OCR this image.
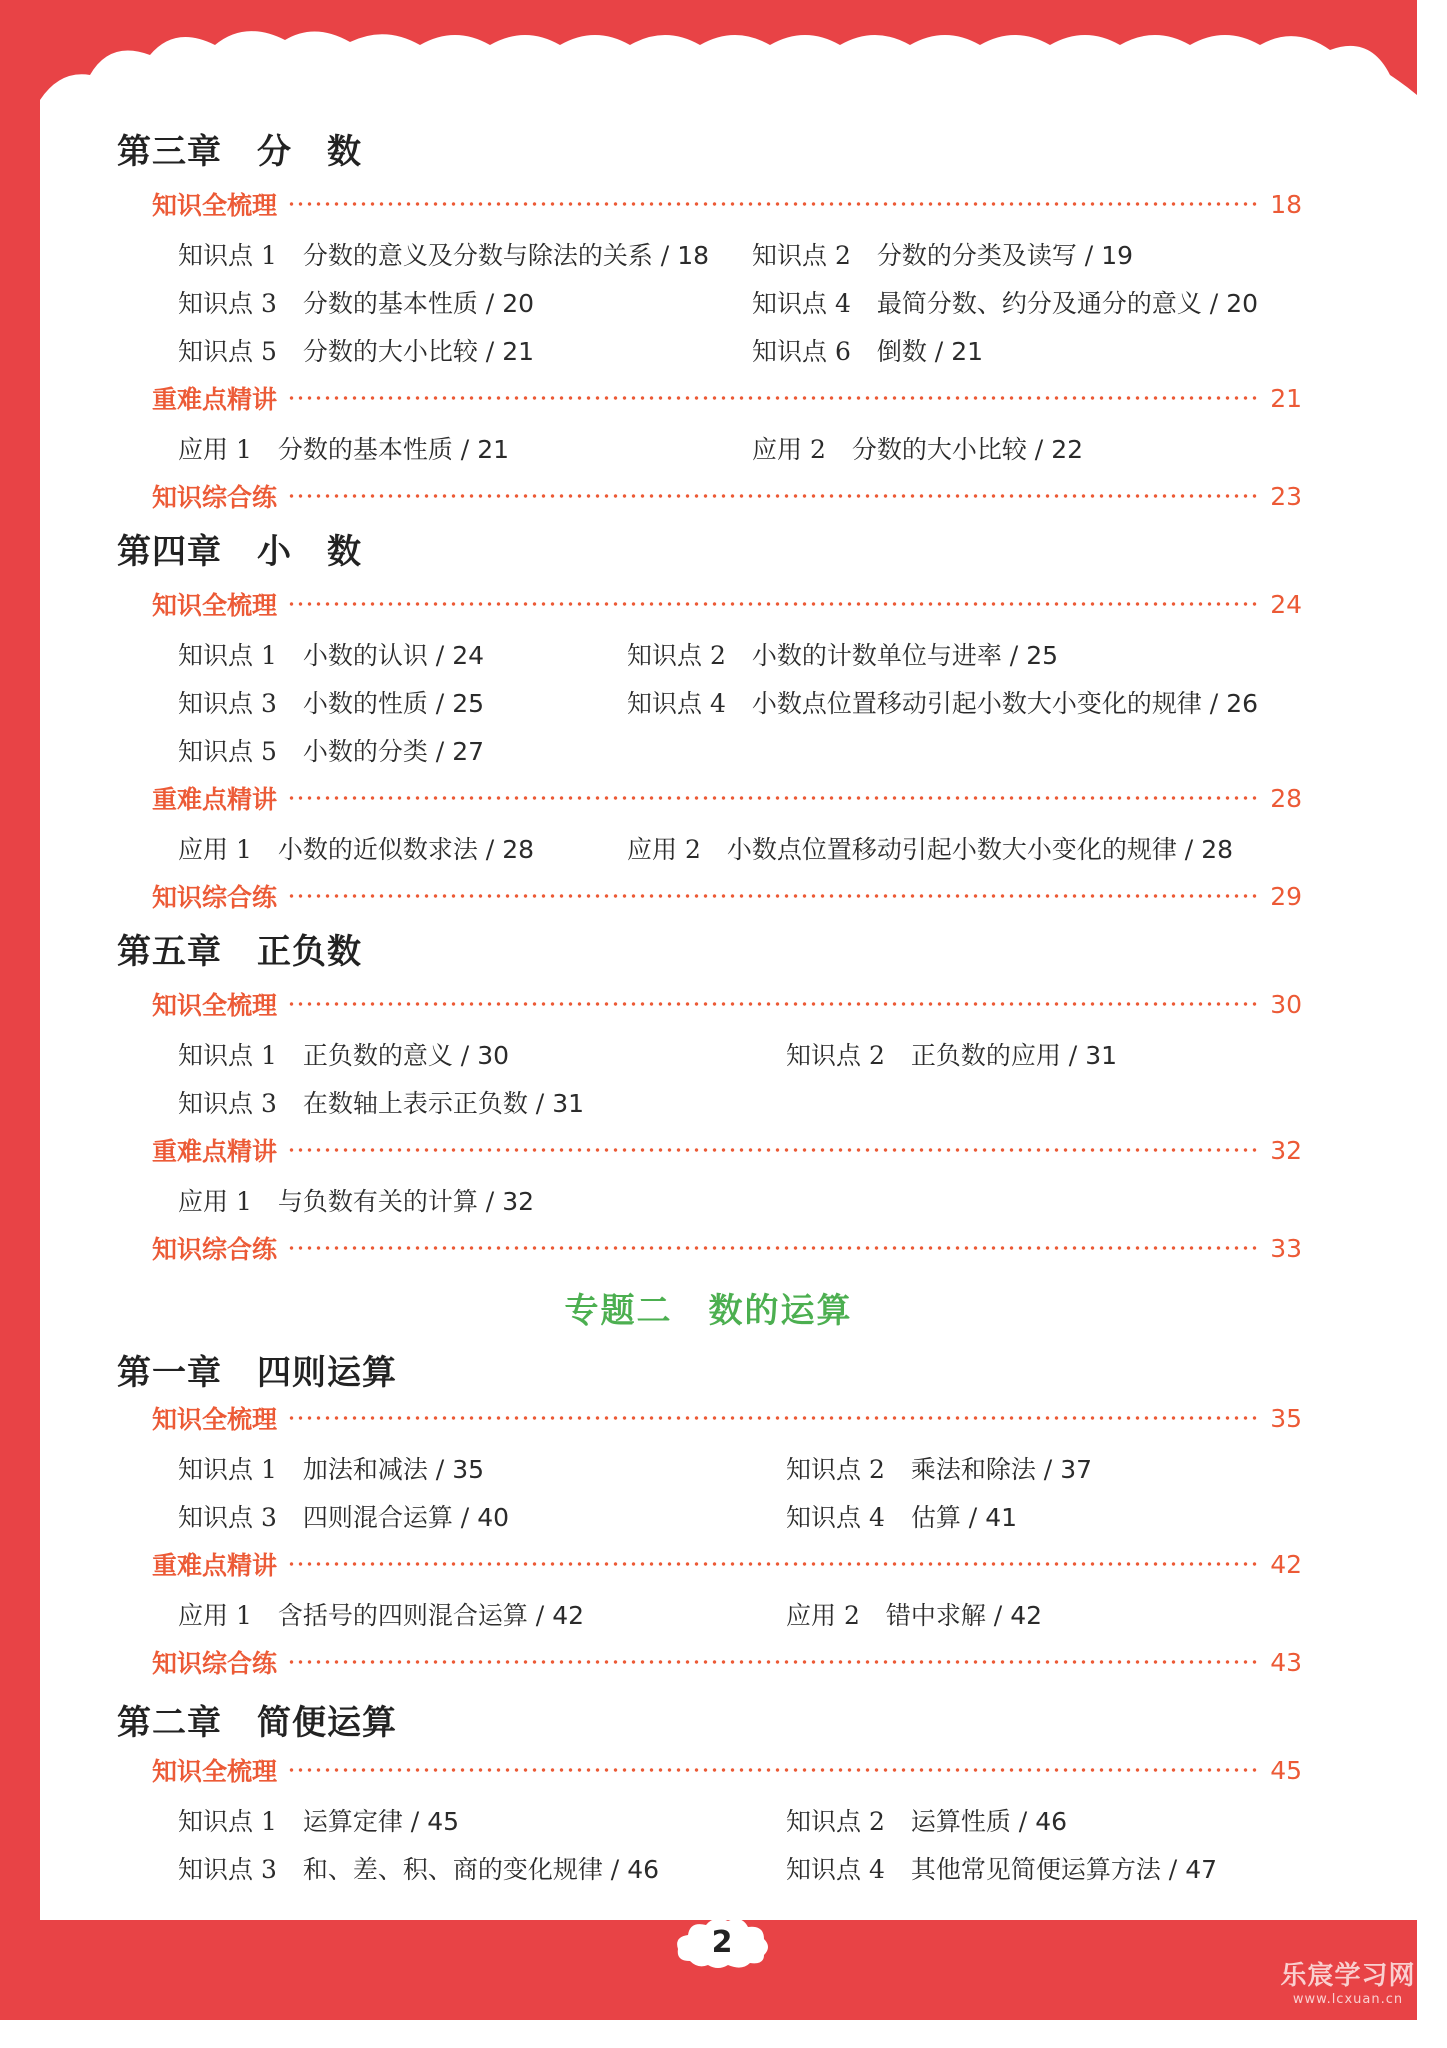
第三章　分　数
知识全梳理	18
知识点 1 分数的意义及分数与除法的关系 / 18 知识点 2 分数的分类及读写 / 19
知识点 3 分数的基本性质 / 20	知识点 4 最简分数、约分及通分的意义 / 20
知识点 5 分数的大小比较 / 21	知识点 6 倒数 / 21
重难点精讲	21
应用 1 分数的基本性质 / 21	应用 2 分数的大小比较 / 22
知识综合练	23
第四章　小　数
知识全梳理	24
知识点 1 小数的认识 / 24	知识点 2 小数的计数单位与进率 / 25
知识点 3 小数的性质 / 25	知识点 4 小数点位置移动引起小数大小变化的规律 / 26
知识点 5 小数的分类 / 27
重难点精讲	28
应用 1 小数的近似数求法 / 28	应用 2 小数点位置移动引起小数大小变化的规律 / 28
知识综合练	29
第五章　正负数
知识全梳理	30
知识点 1 正负数的意义 / 30	知识点 2 正负数的应用 / 31
知识点 3 在数轴上表示正负数 / 31
重难点精讲	32
应用 1 与负数有关的计算 / 32
知识综合练	33
专题二　数的运算
第一章　四则运算
知识全梳理	35
知识点 1 加法和减法 / 35	知识点 2 乘法和除法 / 37
知识点 3 四则混合运算 / 40	知识点 4 估算 / 41
重难点精讲	42
应用 1 含括号的四则混合运算 / 42	应用 2 错中求解 / 42
知识综合练	43
第二章　简便运算
知识全梳理	45
知识点 1 运算定律 / 45	知识点 2 运算性质 / 46
知识点 3 和、差、积、商的变化规律 / 46	知识点 4 其他常见简便运算方法 / 47
2
乐宸学习网
www.lcxuan.cn
